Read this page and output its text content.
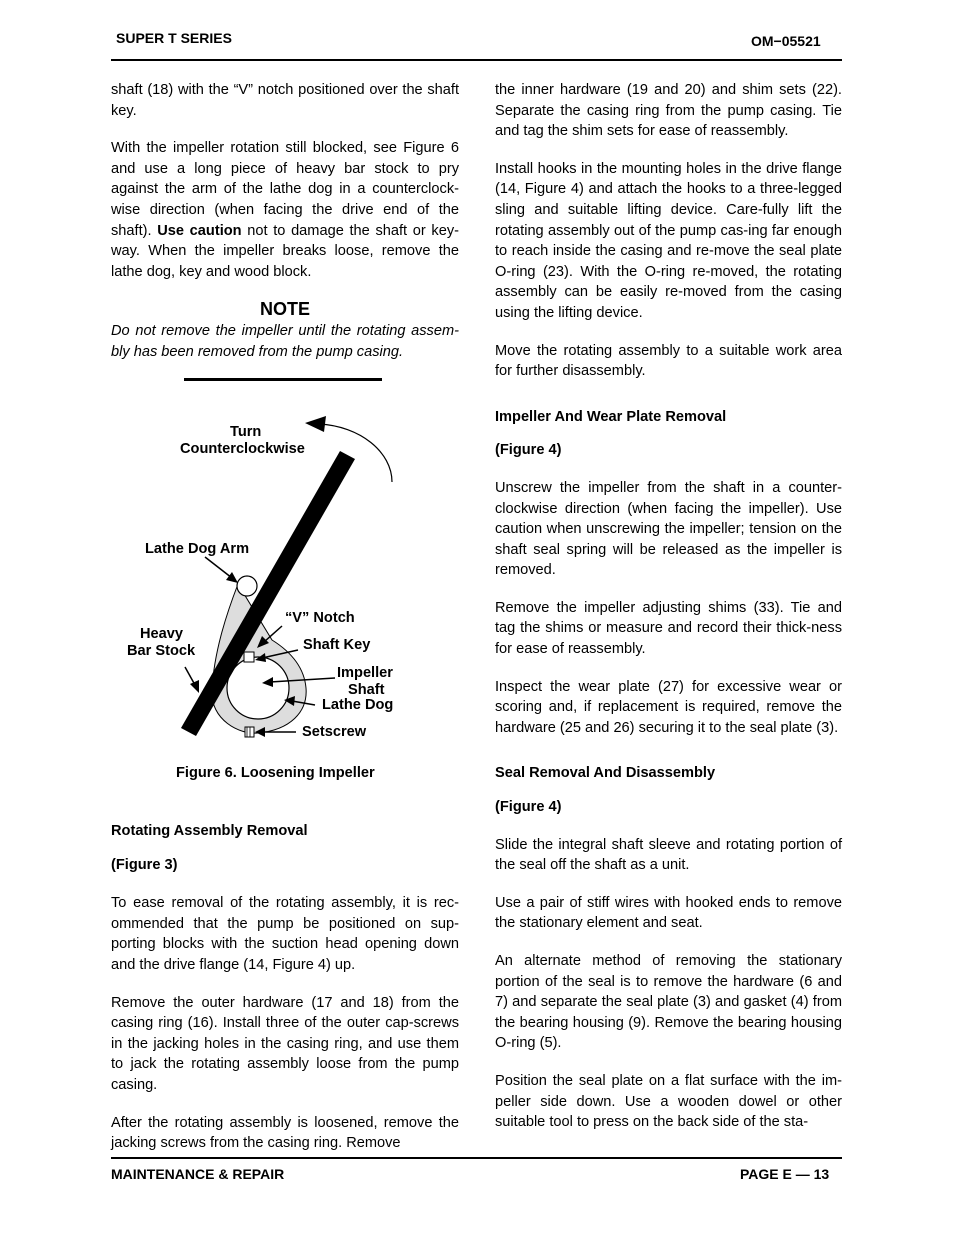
SUPER T SERIES	OM−05521

shaft (18) with the “V” notch positioned over the shaft key.

With the impeller rotation still blocked, see Figure 6 and use a long piece of heavy bar stock to pry against the arm of the lathe dog in a counterclock-wise direction (when facing the drive end of the shaft). Use caution not to damage the shaft or key-way. When the impeller breaks loose, remove the lathe dog, key and wood block.

NOTE

Do not remove the impeller until the rotating assem-bly has been removed from the pump casing.

Turn
Counterclockwise
Lathe Dog Arm
“V” Notch
Heavy
Bar Stock	Shaft Key
Impeller
Shaft
Lathe Dog
Setscrew
Figure 6. Loosening Impeller
Rotating Assembly Removal
(Figure 3)

To ease removal of the rotating assembly, it is rec-ommended that the pump be positioned on sup-porting blocks with the suction head opening down and the drive flange (14, Figure 4) up.

Remove the outer hardware (17 and 18) from the casing ring (16). Install three of the outer cap-screws in the jacking holes in the casing ring, and use them to jack the rotating assembly loose from the pump casing.

After the rotating assembly is loosened, remove the jacking screws from the casing ring. Remove

the inner hardware (19 and 20) and shim sets (22). Separate the casing ring from the pump casing. Tie and tag the shim sets for ease of reassembly.

Install hooks in the mounting holes in the drive flange (14, Figure 4) and attach the hooks to a three-legged sling and suitable lifting device. Care-fully lift the rotating assembly out of the pump cas-ing far enough to reach inside the casing and re-move the seal plate O-ring (23). With the O-ring re-moved, the rotating assembly can be easily re-moved from the casing using the lifting device.

Move the rotating assembly to a suitable work area for further disassembly.

Impeller And Wear Plate Removal
(Figure 4)

Unscrew the impeller from the shaft in a counter-clockwise direction (when facing the impeller). Use caution when unscrewing the impeller; tension on the shaft seal spring will be released as the impeller is removed.

Remove the impeller adjusting shims (33). Tie and tag the shims or measure and record their thick-ness for ease of reassembly.

Inspect the wear plate (27) for excessive wear or scoring and, if replacement is required, remove the hardware (25 and 26) securing it to the seal plate (3).

Seal Removal And Disassembly
(Figure 4)

Slide the integral shaft sleeve and rotating portion of the seal off the shaft as a unit.

Use a pair of stiff wires with hooked ends to remove the stationary element and seat.

An alternate method of removing the stationary portion of the seal is to remove the hardware (6 and 7) and separate the seal plate (3) and gasket (4) from the bearing housing (9). Remove the bearing housing O-ring (5).

Position the seal plate on a flat surface with the im-peller side down. Use a wooden dowel or other suitable tool to press on the back side of the sta-

MAINTENANCE & REPAIR	PAGE E — 13
